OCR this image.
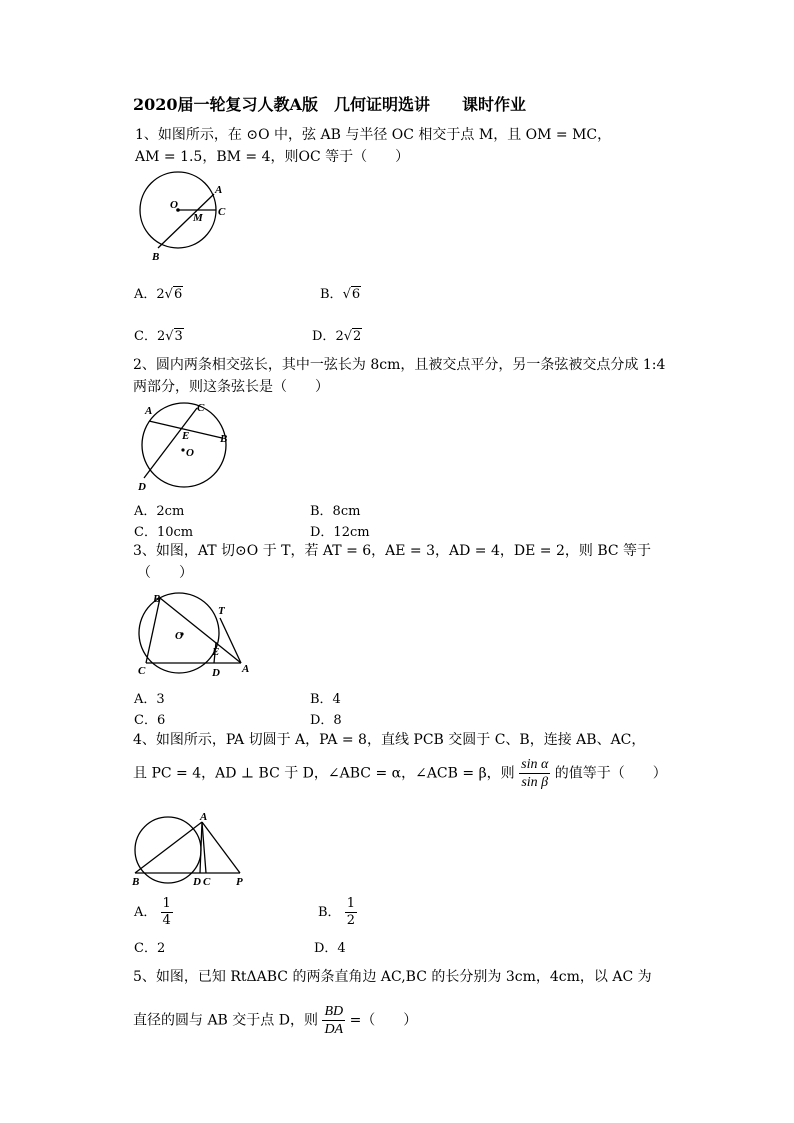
2020届一轮复习人教A版　几何证明选讲　　课时作业
1、如图所示，在 ⊙O 中，弦 AB 与半径 OC 相交于点 M，且 OM = MC，
AM = 1.5，BM = 4，则OC 等于（　　）
O
M
A
C
B
A．2√6	B．√6
C．2√3	D．2√2
2、圆内两条相交弦长，其中一弦长为 8cm，且被交点平分，另一条弦被交点分成 1:4
两部分，则这条弦长是（　　）
A	C
E	B
O
D
A．2cm	B．8cm
C．10cm	D．12cm
3、如图，AT 切⊙O 于 T，若 AT = 6，AE = 3，AD = 4，DE = 2，则 BC 等于
（　　）
B
T
O
E
C	D A
A．3	B．4
C．6	D．8
4、如图所示，PA 切圆于 A，PA = 8，直线 PCB 交圆于 C、B，连接 AB、AC，
且 PC = 4，AD ⊥ BC 于 D，∠ABC = α，∠ACB = β，则 $\frac{\text{sin α}}{\text{sin β}}$ 的值等于（　　）
A
B	D C P
A． $\frac{1}{4}$	B． $\frac{1}{2}$
C．2	D．4
5、如图，已知 RtΔABC 的两条直角边 AC,BC 的长分别为 3cm，4cm，以 AC 为
直径的圆与 AB 交于点 D，则 $\frac{BD}{DA}$ =（　　）
